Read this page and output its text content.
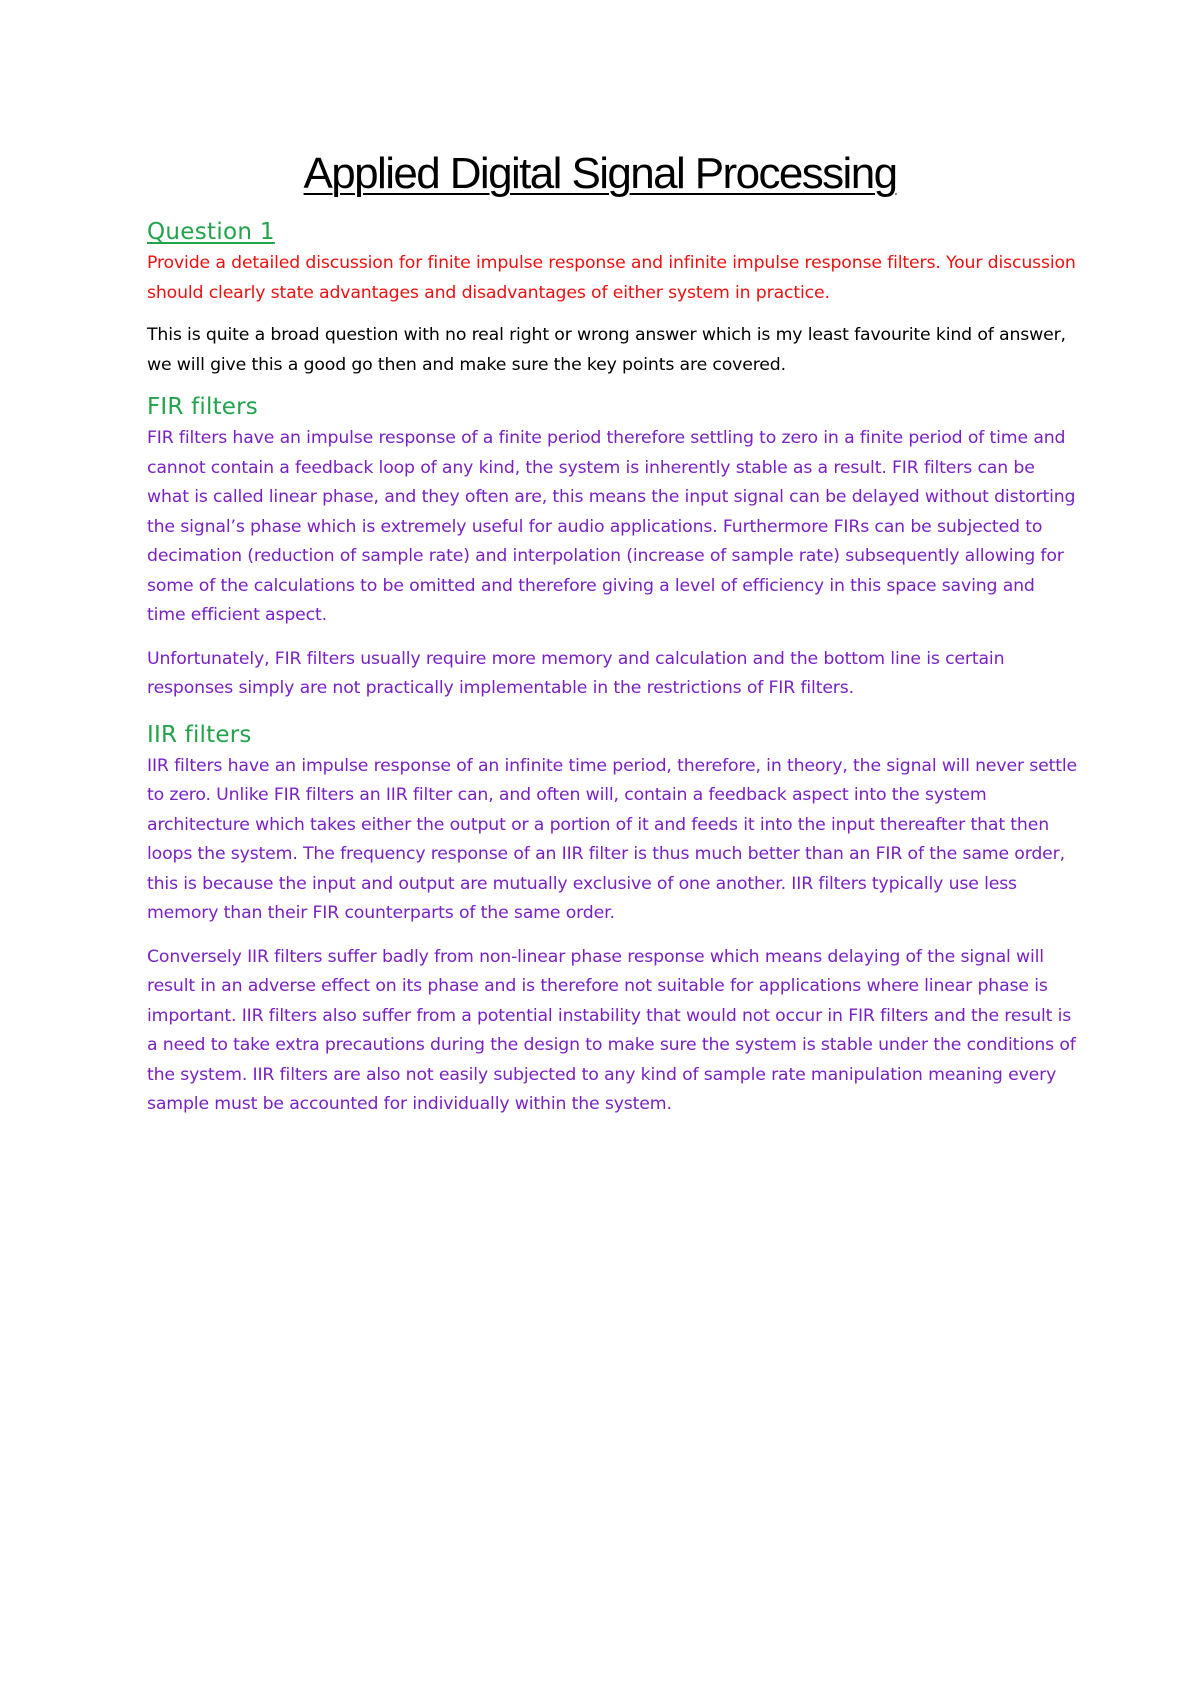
Applied Digital Signal Processing
Question 1

Provide a detailed discussion for finite impulse response and infinite impulse response filters. Your discussion should clearly state advantages and disadvantages of either system in practice.

This is quite a broad question with no real right or wrong answer which is my least favourite kind of answer, we will give this a good go then and make sure the key points are covered.

FIR filters

FIR filters have an impulse response of a finite period therefore settling to zero in a finite period of time and cannot contain a feedback loop of any kind, the system is inherently stable as a result. FIR filters can be what is called linear phase, and they often are, this means the input signal can be delayed without distorting the signal’s phase which is extremely useful for audio applications. Furthermore FIRs can be subjected to decimation (reduction of sample rate) and interpolation (increase of sample rate) subsequently allowing for some of the calculations to be omitted and therefore giving a level of efficiency in this space saving and time efficient aspect.

Unfortunately, FIR filters usually require more memory and calculation and the bottom line is certain responses simply are not practically implementable in the restrictions of FIR filters.

IIR filters

IIR filters have an impulse response of an infinite time period, therefore, in theory, the signal will never settle to zero. Unlike FIR filters an IIR filter can, and often will, contain a feedback aspect into the system architecture which takes either the output or a portion of it and feeds it into the input thereafter that then loops the system. The frequency response of an IIR filter is thus much better than an FIR of the same order, this is because the input and output are mutually exclusive of one another. IIR filters typically use less memory than their FIR counterparts of the same order.

Conversely IIR filters suffer badly from non-linear phase response which means delaying of the signal will result in an adverse effect on its phase and is therefore not suitable for applications where linear phase is important. IIR filters also suffer from a potential instability that would not occur in FIR filters and the result is a need to take extra precautions during the design to make sure the system is stable under the conditions of the system. IIR filters are also not easily subjected to any kind of sample rate manipulation meaning every sample must be accounted for individually within the system.
